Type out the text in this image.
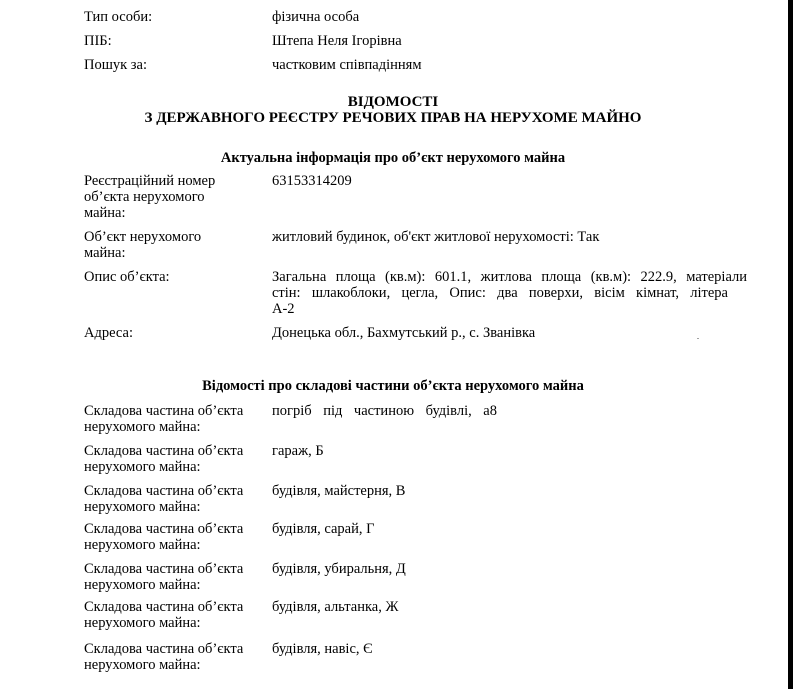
Тип особи:	фізична особа
ПІБ:	Штепа Неля Ігорівна
Пошук за:	частковим співпадінням
ВІДОМОСТІ
З ДЕРЖАВНОГО РЕЄСТРУ РЕЧОВИХ ПРАВ НА НЕРУХОМЕ МАЙНО
Актуальна інформація про об’єкт нерухомого майна
Реєстраційний номер об’єкта нерухомого майна:
63153314209
Об’єкт нерухомого майна:
житловий будинок, об'єкт житлової нерухомості: Так
Опис об’єкта:	Загальна площа (кв.м): 601.1, житлова площа (кв.м): 222.9, матеріали
стін: шлакоблоки, цегла, Опис: два поверхи, вісім кімнат, літера
А-2
Адреса:	Донецька обл., Бахмутський р., с. Званівка	.
Відомості про складові частини об’єкта нерухомого майна
Складова частина об’єкта нерухомого майна:
погріб під частиною будівлі, а8
Складова частина об’єкта нерухомого майна:
гараж, Б
Складова частина об’єкта нерухомого майна:
будівля, майстерня, В
Складова частина об’єкта нерухомого майна:
будівля, сарай, Г
Складова частина об’єкта нерухомого майна:
будівля, убиральня, Д
Складова частина об’єкта нерухомого майна:
будівля, альтанка, Ж
Складова частина об’єкта нерухомого майна:
будівля, навіс, Є
